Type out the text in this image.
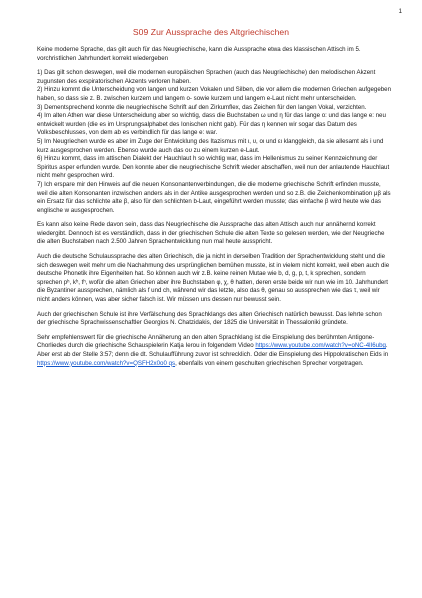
1
S09 Zur Aussprache des Altgriechischen

Keine moderne Sprache, das gilt auch für das Neugriechische, kann die Aussprache etwa des klassischen Attisch im 5. vorchristlichen Jahrhundert korrekt wiedergeben

1) Das gilt schon deswegen, weil die modernen europäischen Sprachen (auch das Neugriechische) den melodischen Akzent zugunsten des exspiratorischen Akzents verloren haben.

2) Hinzu kommt die Unterscheidung von langen und kurzen Vokalen und Silben, die vor allem die modernen Griechen aufgegeben haben, so dass sie z. B. zwischen kurzem und langem o- sowie kurzem und langem e-Laut nicht mehr unterscheiden.

3) Dementsprechend konnte die neugriechische Schrift auf den Zirkumflex, das Zeichen für den langen Vokal, verzichten.

4) Im alten Athen war diese Unterscheidung aber so wichtig, dass die Buchstaben ω und η für das lange o: und das lange e: neu entwickelt wurden (die es im Ursprungsalphabet des Ionischen nicht gab). Für das η kennen wir sogar das Datum des Volksbeschlusses, von dem ab es verbindlich für das lange e: war.

5) Im Neugriechen wurde es aber im Zuge der Entwicklung des Itazismus mit ι, υ, οι und ει klanggleich, da sie allesamt als i und kurz ausgesprochen werden. Ebenso wurde auch das ου zu einem kurzen e-Laut.

6) Hinzu kommt, dass im attischen Dialekt der Hauchlaut h so wichtig war, dass im Hellenismus zu seiner Kennzeichnung der Spiritus asper erfunden wurde. Den konnte aber die neugriechische Schrift wieder abschaffen, weil nun der anlautende Hauchlaut nicht mehr gesprochen wird.

7) Ich erspare mir den Hinweis auf die neuen Konsonantenverbindungen, die die moderne griechische Schrift erfinden musste, weil die alten Konsonanten inzwischen anders als in der Antike ausgesprochen werden und so z.B. die Zeichenkombination μβ als ein Ersatz für das schlichte alte β, also für den schlichten b-Laut, eingeführt werden musste; das einfache β wird heute wie das englische w ausgesprochen.

Es kann also keine Rede davon sein, dass das Neugriechische die Aussprache das alten Attisch auch nur annähernd korrekt wiedergibt. Dennoch ist es verständlich, dass in der griechischen Schule die alten Texte so gelesen werden, wie der Neugrieche die alten Buchstaben nach 2.500 Jahren Sprachentwicklung nun mal heute ausspricht.

Auch die deutsche Schulaussprache des alten Griechisch, die ja nicht in derselben Tradition der Sprachentwicklung steht und die sich deswegen weit mehr um die Nachahmung des ursprünglichen bemühen musste, ist in vielem nicht korrekt, weil eben auch die deutsche Phonetik ihre Eigenheiten hat. So können auch wir z.B. keine reinen Mutae wie b, d, g, p, t, k sprechen, sondern sprechen pʰ, kʰ, tʰ, wofür die alten Griechen aber ihre Buchstaben φ, χ, θ hatten, deren erste beide wir nun wie im 10. Jahrhundert die Byzantiner aussprechen, nämlich als f und ch, während wir das letzte, also das θ, genau so aussprechen wie das τ, weil wir nicht anders können, was aber sicher falsch ist. Wir müssen uns dessen nur bewusst sein.

Auch der griechischen Schule ist ihre Verfälschung des Sprachklangs des alten Griechisch natürlich bewusst. Das lehrte schon der griechische Sprachwissenschaftler Georgios N. Chatzidakis, der 1825 die Universität in Thessaloniki gründete.

Sehr empfehlenswert für die griechische Annäherung an den alten Sprachklang ist die Einspielung des berühmten Antigone-Chorliedes durch die griechische Schauspielerin Katja Ierou in folgendem Video https://www.youtube.com/watch?v=oNC-4lI6ubg. Aber erst ab der Stelle 3:57; denn die dt. Schulaufführung zuvor ist schrecklich. Oder die Einspielung des Hippokratischen Eids in https://www.youtube.com/watch?v=QSFH2x0o0 qs, ebenfalls von einem geschulten griechischen Sprecher vorgetragen.
